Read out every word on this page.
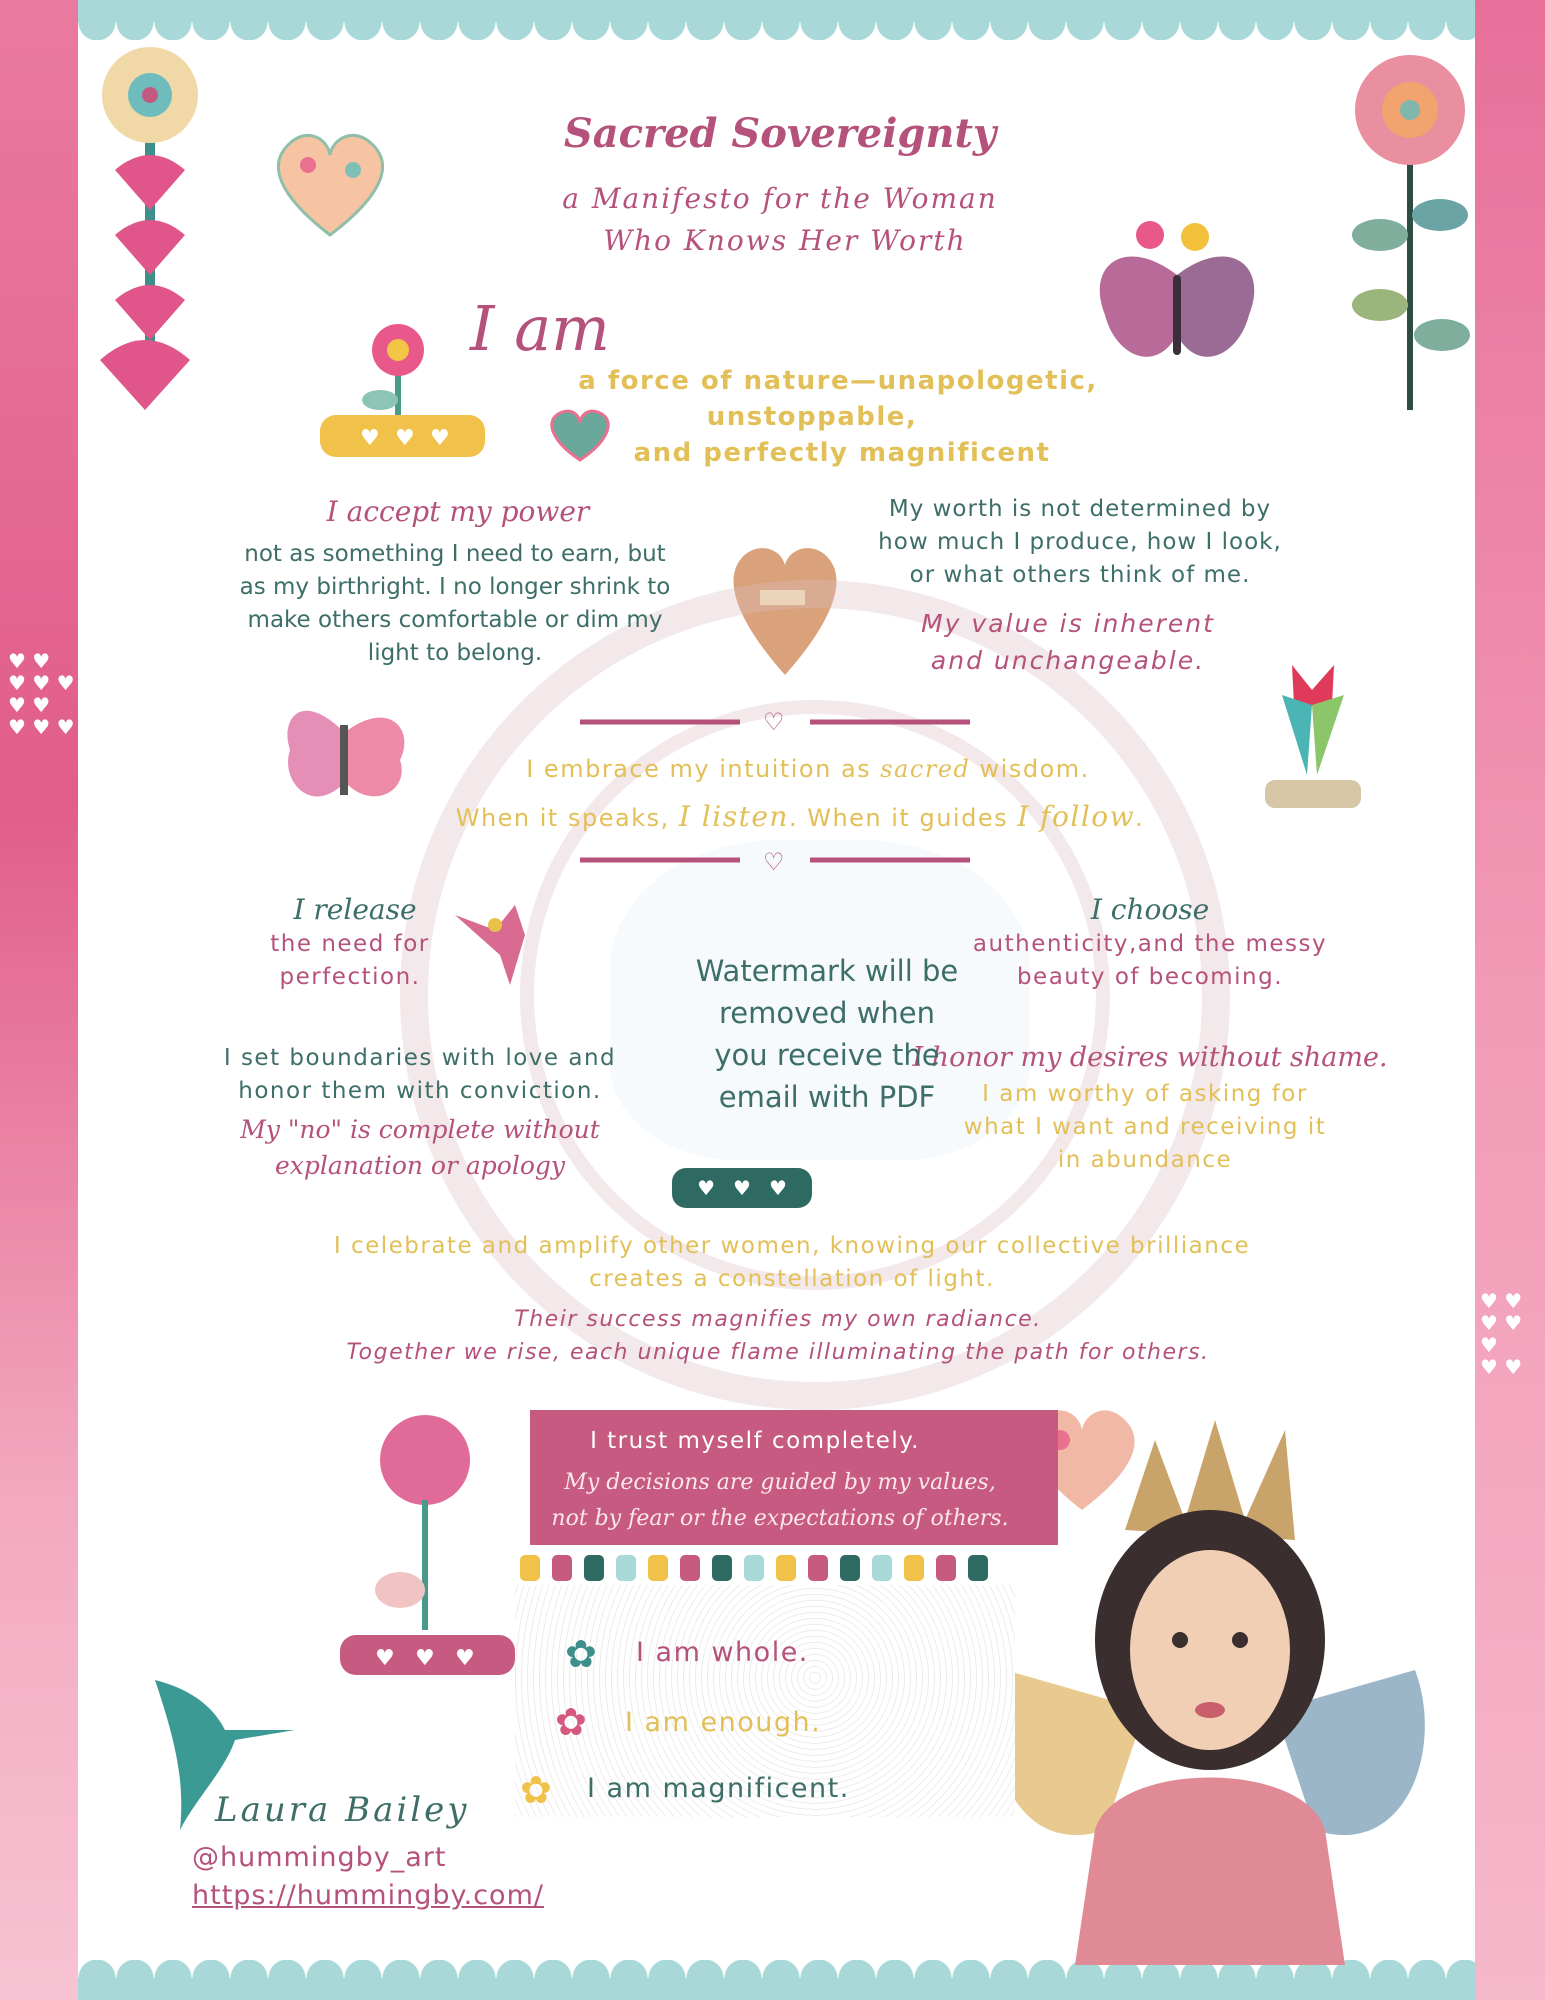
♥ ♥
♥ ♥ ♥
♥ ♥
♥ ♥ ♥
♥ ♥
♥ ♥ ♥
♥ ♥
♥ ♥ ♥
♥ ♥ ♥
♥ ♥ ♥
Sacred Sovereignty
a Manifesto for the Woman
Who Knows Her Worth
I am
a force of nature—unapologetic,
unstoppable,
and perfectly magnificent
I accept my power
not as something I need to earn, but
as my birthright. I no longer shrink to
make others comfortable or dim my
light to belong.
My worth is not determined by
how much I produce, how I look,
or what others think of me.
My value is inherent
and unchangeable.
♡
♡
I embrace my intuition as sacred wisdom.
When it speaks, I listen. When it guides I follow.
I release
the need for
perfection.
I choose
authenticity,and the messy
beauty of becoming.
I set boundaries with love and
honor them with conviction.
My "no" is complete without
explanation or apology
I honor my desires without shame.
I am worthy of asking for
what I want and receiving it
in abundance
Watermark will be
removed when
you receive the
email with PDF
I celebrate and amplify other women, knowing our collective brilliance
creates a constellation of light.
Their success magnifies my own radiance.
Together we rise, each unique flame illuminating the path for others.
I trust myself completely.
My decisions are guided by my values,
not by fear or the expectations of others.
✿ I am whole.
✿ I am enough.
✿ I am magnificent.
Laura Bailey
@hummingby_art
https://hummingby.com/
